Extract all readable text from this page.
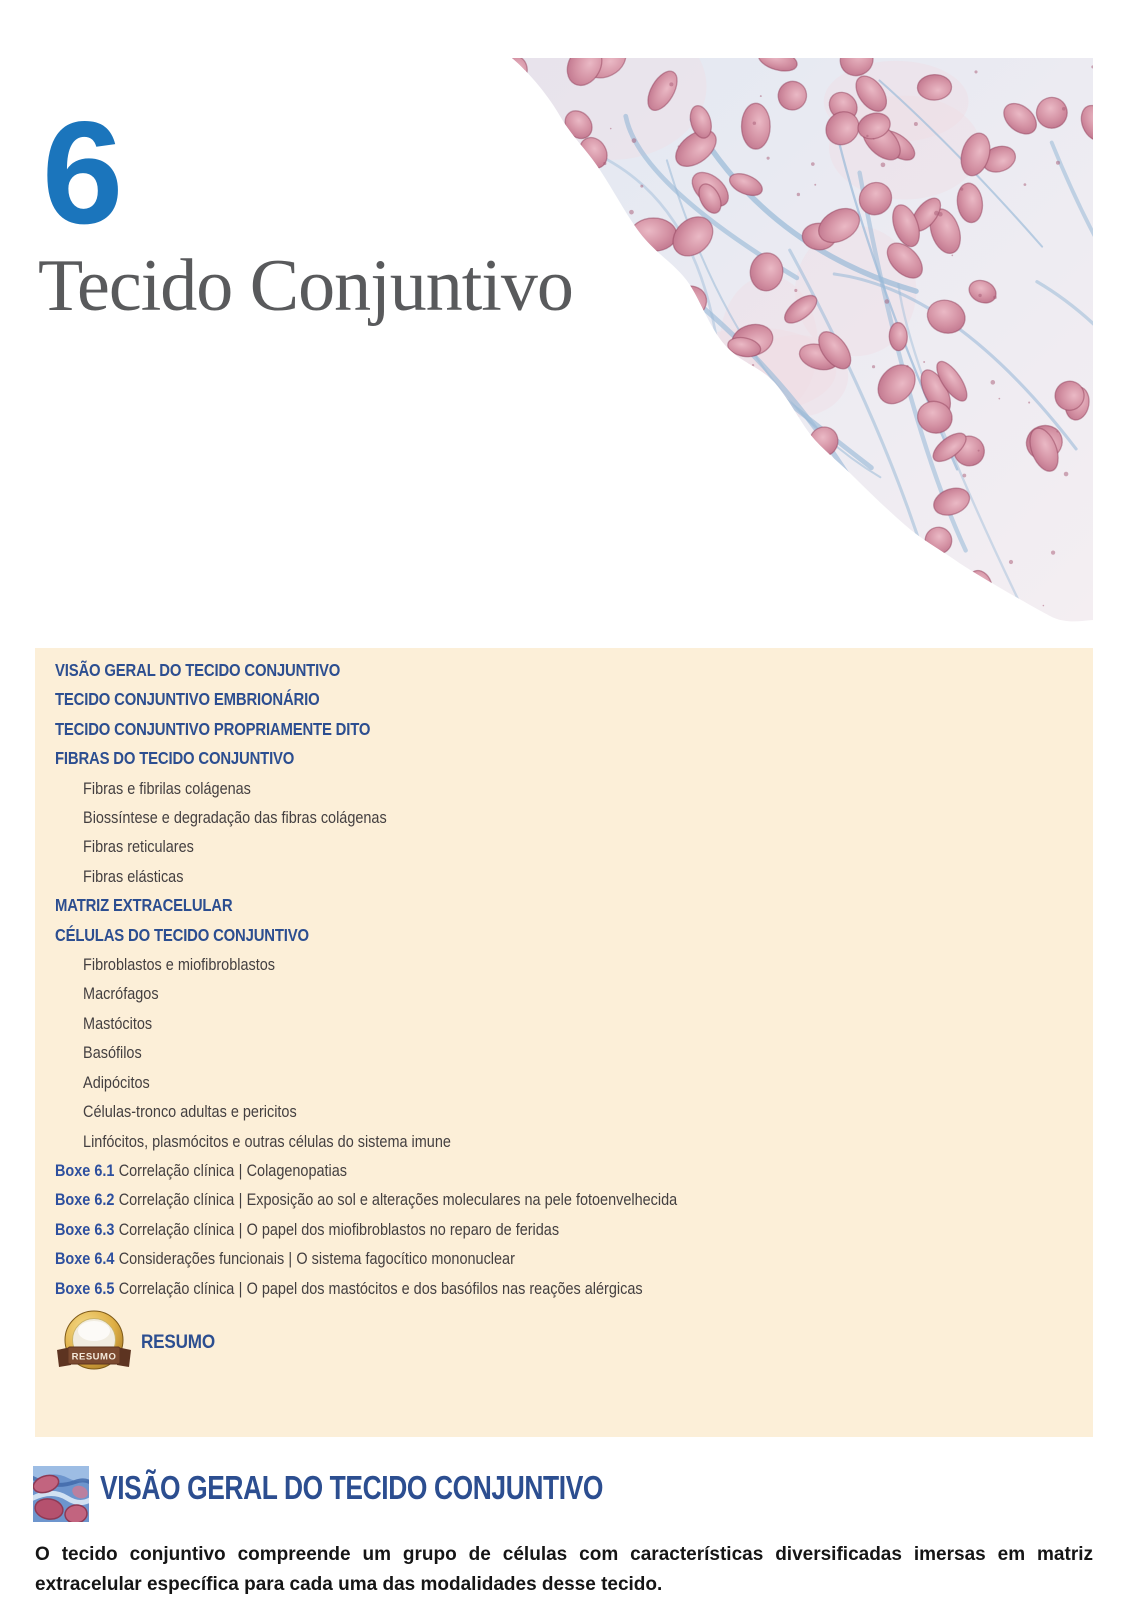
6
Tecido Conjuntivo
VISÃO GERAL DO TECIDO CONJUNTIVO
TECIDO CONJUNTIVO EMBRIONÁRIO
TECIDO CONJUNTIVO PROPRIAMENTE DITO
FIBRAS DO TECIDO CONJUNTIVO
Fibras e fibrilas colágenas
Biossíntese e degradação das fibras colágenas
Fibras reticulares
Fibras elásticas
MATRIZ EXTRACELULAR
CÉLULAS DO TECIDO CONJUNTIVO
Fibroblastos e miofibroblastos
Macrófagos
Mastócitos
Basófilos
Adipócitos
Células-tronco adultas e pericitos
Linfócitos, plasmócitos e outras células do sistema imune
Boxe 6.1 Correlação clínica | Colagenopatias
Boxe 6.2 Correlação clínica | Exposição ao sol e alterações moleculares na pele fotoenvelhecida
Boxe 6.3 Correlação clínica | O papel dos miofibroblastos no reparo de feridas
Boxe 6.4 Considerações funcionais | O sistema fagocítico mononuclear
Boxe 6.5 Correlação clínica | O papel dos mastócitos e dos basófilos nas reações alérgicas
RESUMO
RESUMO
VISÃO GERAL DO TECIDO CONJUNTIVO

O tecido conjuntivo compreende um grupo de células com características diversificadas imersas em matriz extracelular específica para cada uma das modalidades desse tecido.
